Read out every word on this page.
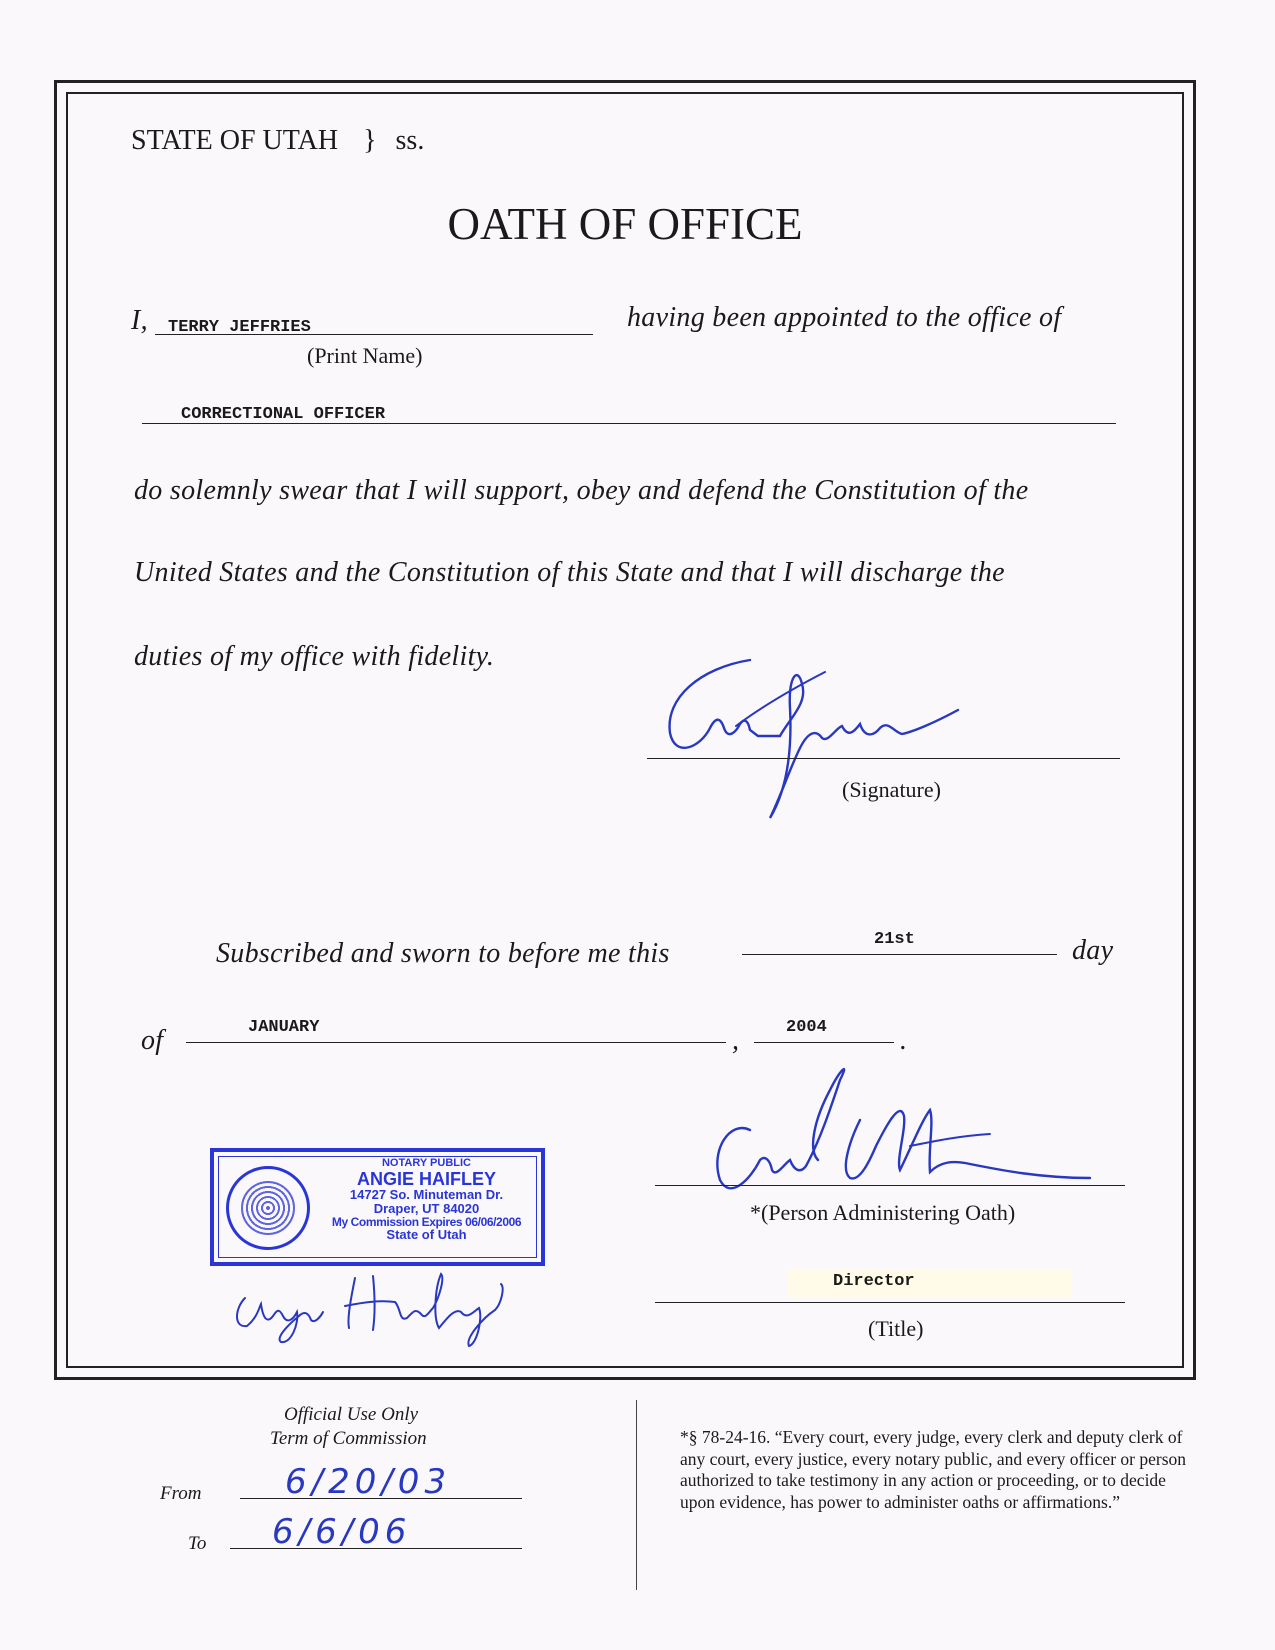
STATE OF UTAH } ss.
OATH OF OFFICE
I, TERRY JEFFRIES
(Print Name)
having been appointed to the office of
CORRECTIONAL OFFICER
do solemnly swear that I will support, obey and defend the Constitution of the
United States and the Constitution of this State and that I will discharge the
duties of my office with fidelity.
(Signature)
Subscribed and sworn to before me this	21st	day
of	JANUARY	,	2004	.
*(Person Administering Oath)
Director
(Title)
NOTARY PUBLIC
ANGIE HAIFLEY
14727 So. Minuteman Dr.
Draper, UT 84020
My Commission Expires 06/06/2006
State of Utah
Official Use Only
Term of Commission
From 6/20/03
To 6/6/06
*§ 78-24-16. “Every court, every judge, every clerk and deputy clerk of any court, every justice, every notary public, and every officer or person authorized to take testimony in any action or proceeding, or to decide upon evidence, has power to administer oaths or affirmations.”
